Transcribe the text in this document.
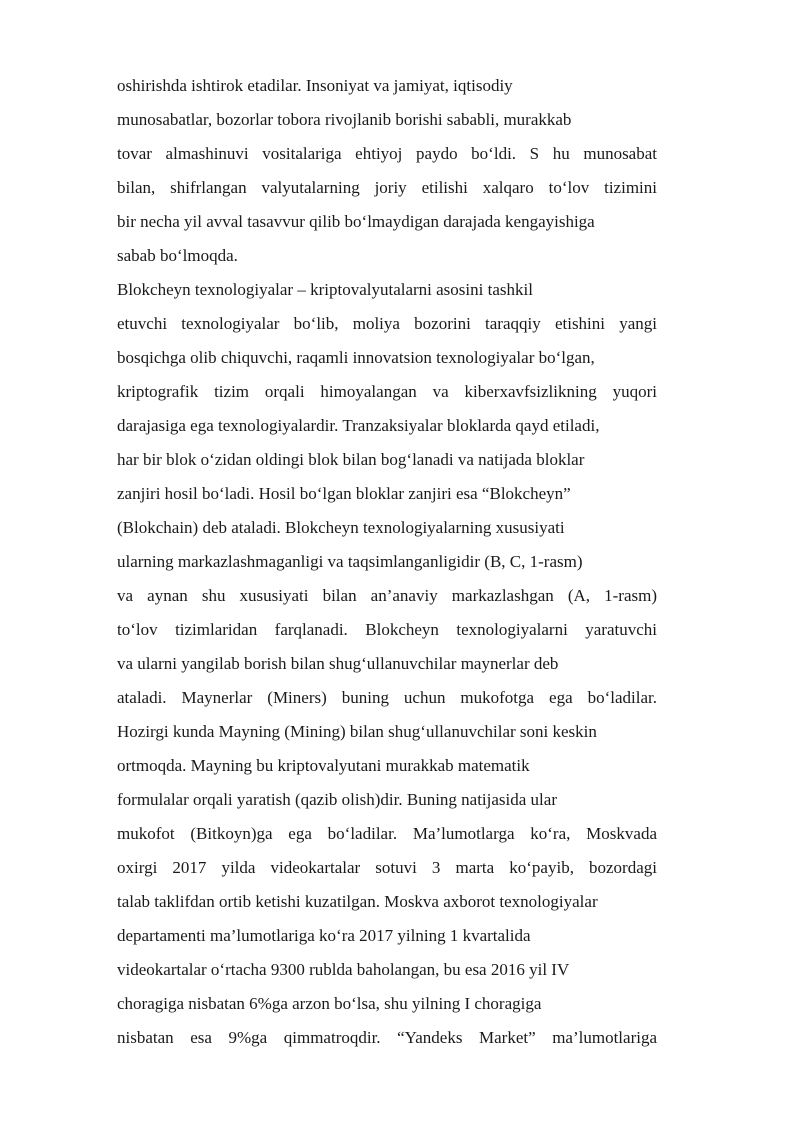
oshirishda ishtirok etadilar. Insoniyat va jamiyat, iqtisodiy
munosabatlar, bozorlar tobora rivojlanib borishi sababli, murakkab
tovar almashinuvi vositalariga ehtiyoj paydo bo‘ldi. S hu munosabat
bilan, shifrlangan valyutalarning joriy etilishi xalqaro to‘lov tizimini
bir necha yil avval tasavvur qilib bo‘lmaydigan darajada kengayishiga
sabab bo‘lmoqda.
Blokcheyn texnologiyalar – kriptovalyutalarni asosini tashkil
etuvchi texnologiyalar bo‘lib, moliya bozorini taraqqiy etishini yangi
bosqichga olib chiquvchi, raqamli innovatsion texnologiyalar bo‘lgan,
kriptografik tizim orqali himoyalangan va kiberxavfsizlikning yuqori
darajasiga ega texnologiyalardir. Tranzaksiyalar bloklarda qayd etiladi,
har bir blok o‘zidan oldingi blok bilan bog‘lanadi va natijada bloklar
zanjiri hosil bo‘ladi. Hosil bo‘lgan bloklar zanjiri esa “Blokcheyn”
(Blokchain) deb ataladi. Blokcheyn texnologiyalarning xususiyati
ularning markazlashmaganligi va taqsimlanganligidir (B, C, 1-rasm)
va aynan shu xususiyati bilan an’anaviy markazlashgan (A, 1-rasm)
to‘lov tizimlaridan farqlanadi. Blokcheyn texnologiyalarni yaratuvchi
va ularni yangilab borish bilan shug‘ullanuvchilar maynerlar deb
ataladi. Maynerlar (Miners) buning uchun mukofotga ega bo‘ladilar.
Hozirgi kunda Mayning (Mining) bilan shug‘ullanuvchilar soni keskin
ortmoqda. Mayning bu kriptovalyutani murakkab matematik
formulalar orqali yaratish (qazib olish)dir. Buning natijasida ular
mukofot (Bitkoyn)ga ega bo‘ladilar. Ma’lumotlarga ko‘ra, Moskvada
oxirgi 2017 yilda videokartalar sotuvi 3 marta ko‘payib, bozordagi
talab taklifdan ortib ketishi kuzatilgan. Moskva axborot texnologiyalar
departamenti ma’lumotlariga ko‘ra 2017 yilning 1 kvartalida
videokartalar o‘rtacha 9300 rublda baholangan, bu esa 2016 yil IV
choragiga nisbatan 6%ga arzon bo‘lsa, shu yilning I choragiga
nisbatan esa 9%ga qimmatroqdir. “Yandeks Market” ma’lumotlariga
